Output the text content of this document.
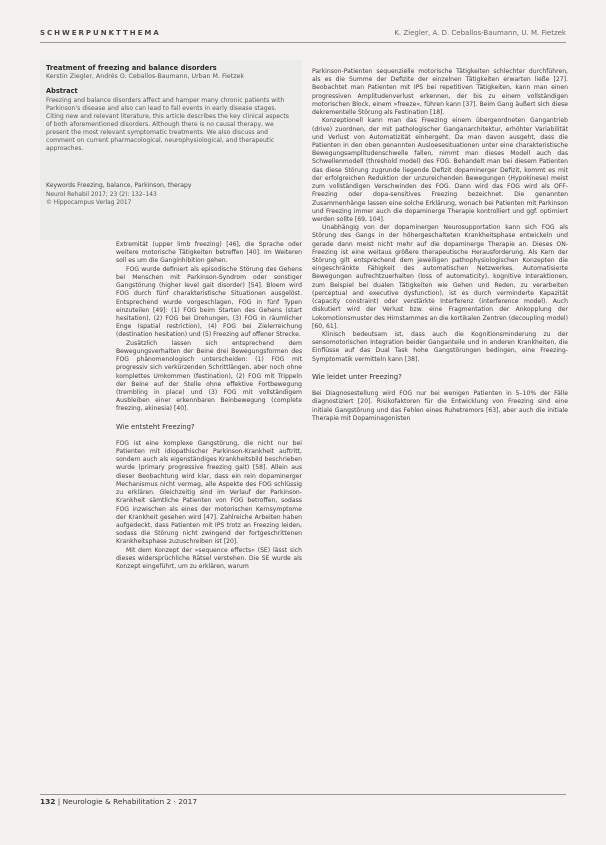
SCHWERPUNKTTHEMA	K. Ziegler, A. D. Ceballos-Baumann, U. M. Fietzek
Treatment of freezing and balance disorders
Kerstin Ziegler, Andrés O. Ceballos-Baumann, Urban M. Fietzek
Abstract
Freezing and balance disorders affect and hamper many chronic patients with Parkinson's disease and also can lead to fall events in early disease stages. Citing new and relevant literature, this article describes the key clinical aspects of both aforementioned disorders. Although there is no causal therapy, we present the most relevant symptomatic treatments. We also discuss and comment on current pharmacological, neurophysiological, and therapeutic approaches.
Keywords Freezing, balance, Parkinson, therapy
Neurol Rehabil 2017; 23 (2): 132–143
© Hippocampus Verlag 2017

Extremität (upper limb freezing) [46], die Sprache oder weitere motorische Tätigkeiten betreffen [40]. Im Weiteren soll es um die Ganginhibition gehen.

FOG wurde definiert als episodische Störung des Gehens bei Menschen mit Parkinson-Syndrom oder sonstiger Gangstörung (higher level gait disorder) [54]. Bloem wird FOG durch fünf charakteristische Situationen ausgelöst. Entsprechend wurde vorgeschlagen, FOG in fünf Typen einzuteilen [49]: (1) FOG beim Starten des Gehens (start hesitation), (2) FOG bei Drehungen, (3) FOG in räumlicher Enge (spatial restriction), (4) FOG bei Zielerreichung (destination hesitation) und (5) Freezing auf offener Strecke.

Zusätzlich lassen sich entsprechend dem Bewegungsverhalten der Beine drei Bewegungsformen des FOG phänomenologisch unterscheiden: (1) FOG mit progressiv sich verkürzenden Schrittlängen, aber noch ohne komplettes Umkommen (festination), (2) FOG mit Trippeln der Beine auf der Stelle ohne effektive Fortbewegung (trembling in place) und (3) FOG mit vollständigem Ausbleiben einer erkennbaren Beinbewegung (complete freezing, akinesia) [40].

Wie entsteht Freezing?

FOG ist eine komplexe Gangstörung, die nicht nur bei Patienten mit idiopathischer Parkinson-Krankheit auftritt, sondern auch als eigenständiges Krankheitsbild beschrieben wurde (primary progressive freezing gait) [58]. Allein aus dieser Beobachtung wird klar, dass ein rein dopaminerger Mechanismus nicht vermag, alle Aspekte des FOG schlüssig zu erklären. Gleichzeitig sind im Verlauf der Parkinson-Krankheit sämtliche Patienten von FOG betroffen, sodass FOG inzwischen als eines der motorischen Kernsymptome der Krankheit gesehen wird [47]. Zahlreiche Arbeiten haben aufgedeckt, dass Patienten mit IPS trotz an Freezing leiden, sodass die Störung nicht zwingend der fortgeschrittenen Krankheitsphase zuzuschreiben ist [20].

Mit dem Konzept der »sequence effects« (SE) lässt sich dieses widersprüchliche Rätsel verstehen. Die SE wurde als Konzept eingeführt, um zu erklären, warum

Parkinson-Patienten sequenzielle motorische Tätigkeiten schlechter durchführen, als es die Summe der Defizite der einzelnen Tätigkeiten erwarten ließe [27]. Beobachtet man Patienten mit IPS bei repetitiven Tätigkeiten, kann man einen progressiven Amplitudenverlust erkennen, der bis zu einem vollständigen motorischen Block, einem »freeze«, führen kann [37]. Beim Gang äußert sich diese dekrementelle Störung als Festination [18].

Konzeptionell kann man das Freezing einem übergeordneten Gangantrieb (drive) zuordnen, der mit pathologischer Ganganarchitektur, erhöhter Variabilität und Verlust von Automatizität einhergeht. Da man davon ausgeht, dass die Patienten in den oben genannten Ausloesesituationen unter eine charakteristische Bewegungsamplitudenschwelle fallen, nimmt man dieses Modell auch das Schwellenmodell (threshold model) des FOG. Behandelt man bei diesem Patienten das diese Störung zugrunde liegende Defizit dopaminerger Defizit, kommt es mit der erfolgreichen Reduktion der unzureichenden Bewegungen (Hypokinese) meist zum vollständigen Verschwinden des FOG. Dann wird das FOG wird als OFF-Freezing oder dopa-sensitives Freezing bezeichnet. Die genannten Zusammenhänge lassen eine solche Erklärung, wonach bei Patienten mit Parkinson und Freezing immer auch die dopaminerge Therapie kontrolliert und ggf. optimiert werden sollte [69, 104].

Unabhängig von der dopaminergen Neurosupportation kann sich FOG als Störung des Gangs in der höhergeschalteten Krankheitsphase entwickeln und gerade dann meist nicht mehr auf die dopaminerge Therapie an. Dieses ON-Freezing ist eine weitaus größere therapeutische Herausforderung. Als Kern der Störung gilt entsprechend dem jeweiligen pathophysiologischen Konzepten die eingeschränkte Fähigkeit des automatischen Netzwerkes. Automatisierte Bewegungen aufrechtzuerhalten (loss of automaticity), kognitive Interaktionen, zum Beispiel bei dualen Tätigkeiten wie Gehen und Reden, zu verarbeiten (perceptual and executive dysfunction), ist es durch verminderte Kapazität (capacity constraint) oder verstärkte Interferenz (interference model). Auch diskutiert wird der Verlust bzw. eine Fragmentation der Ankopplung der Lokomotionsmuster des Hirnstammes an die kortikalen Zentren (decoupling model) [60, 61].

Klinisch bedeutsam ist, dass auch die Kognitionsminderung zu der sensomotorischen Integration beider Ganganteile und in anderen Krankheiten, die Einflüsse auf das Dual Task hohe Gangstörungen bedingen, eine Freezing-Symptomatik vermitteln kann [38].

Wie leidet unter Freezing?

Bei Diagnosestellung wird FOG nur bei wenigen Patienten in 5–10% der Fälle diagnostiziert [20]. Risikofaktoren für die Entwicklung von Freezing sind eine initiale Gangstörung und das Fehlen eines Ruhetremors [63], aber auch die initiale Therapie mit Dopaminagonisten

132 | Neurologie & Rehabilitation 2 · 2017
